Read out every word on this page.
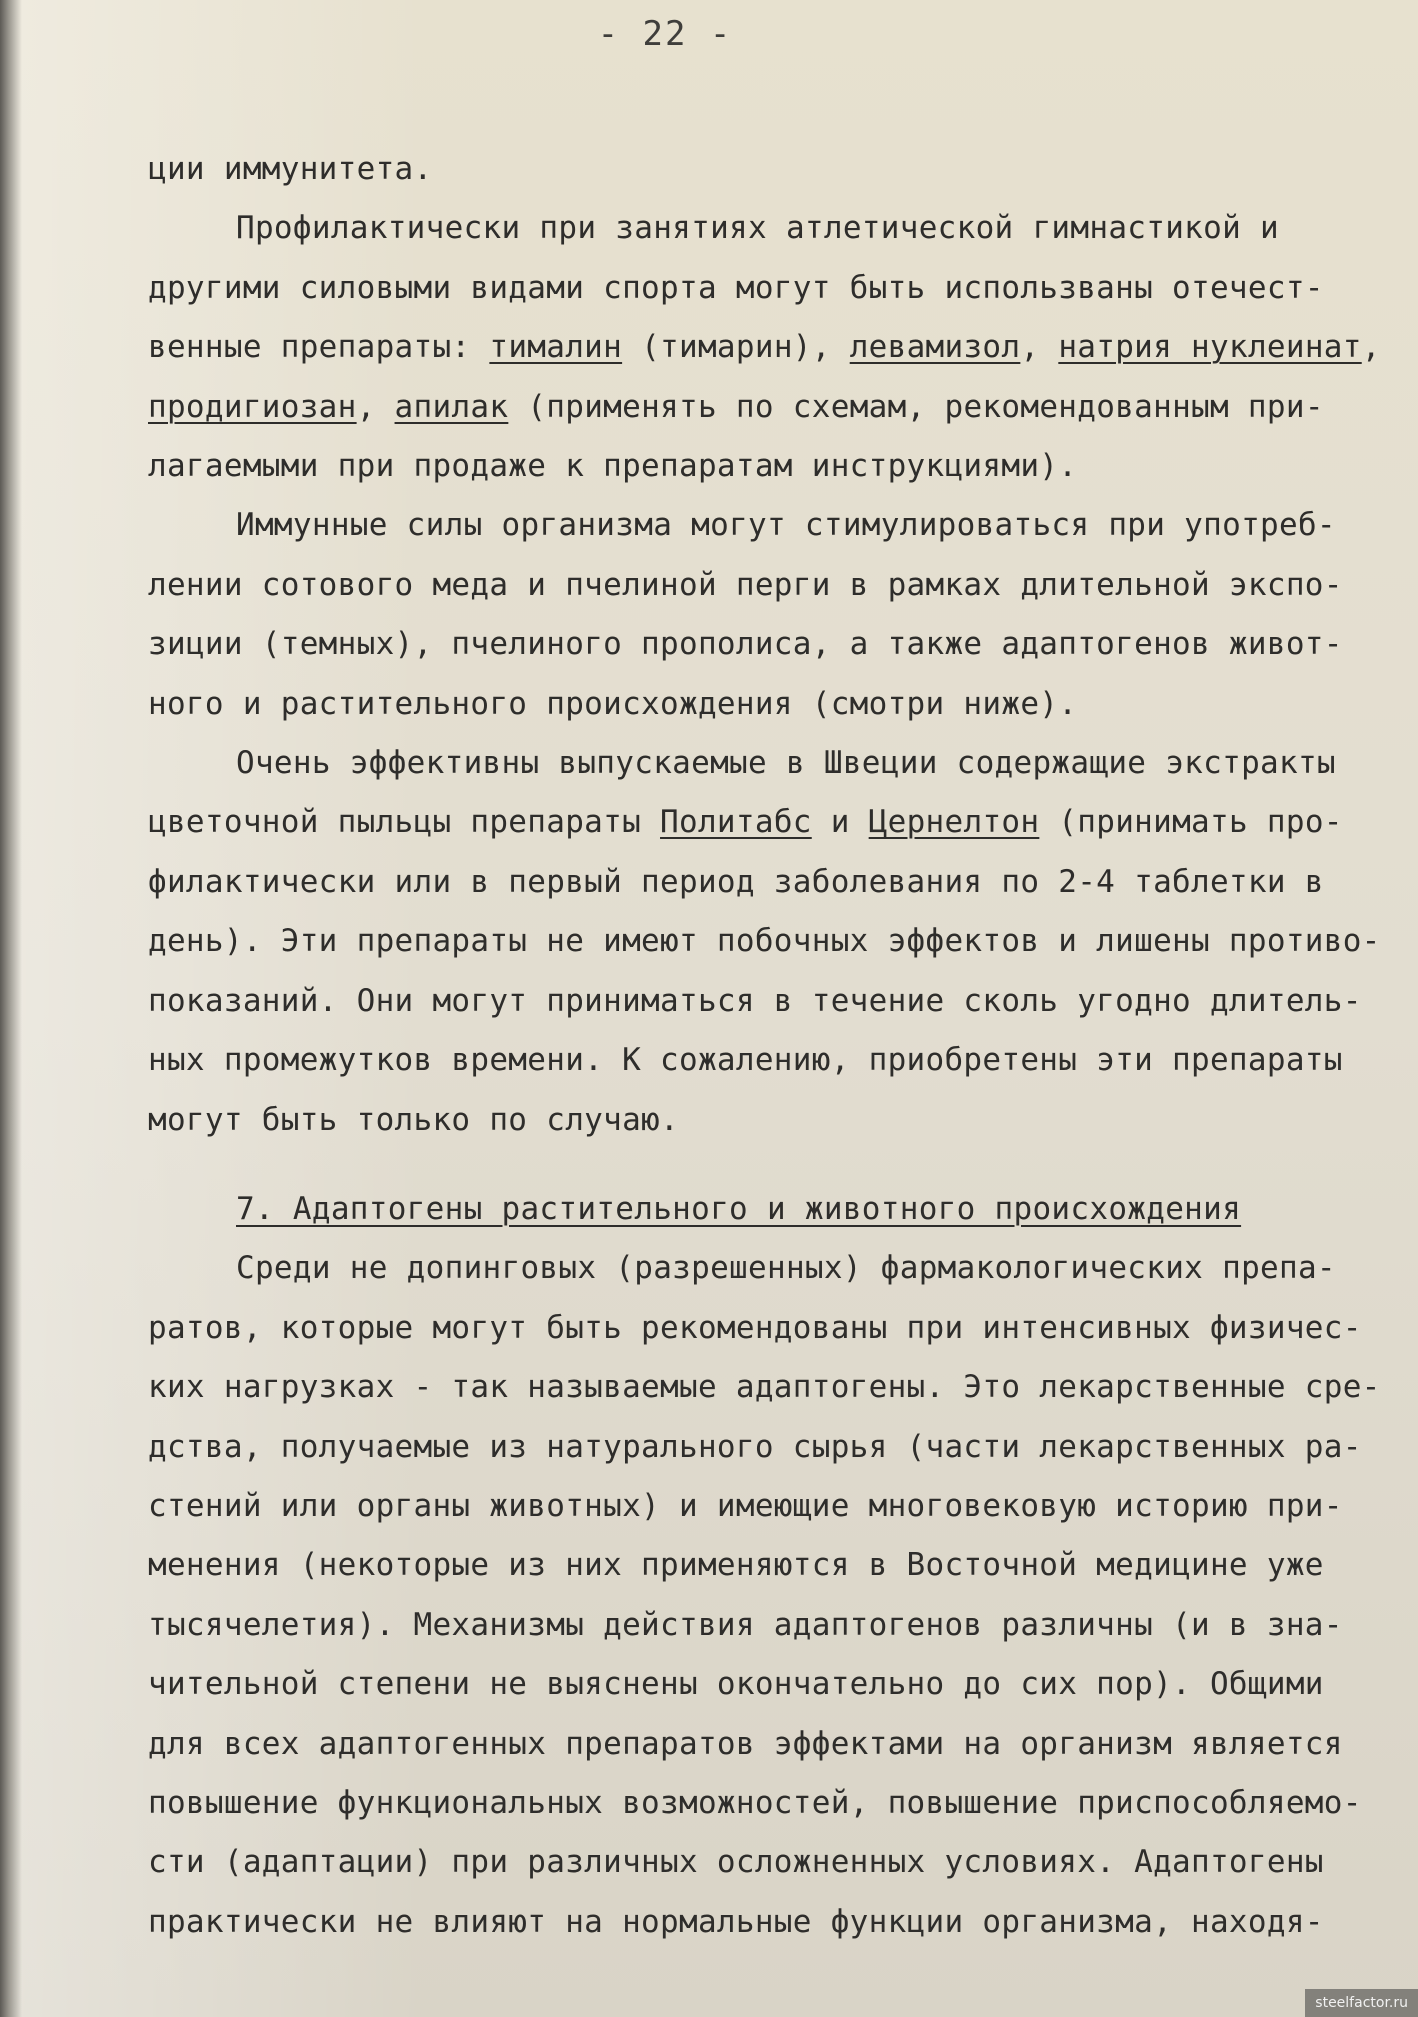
- 22 -

ции иммунитета.

Профилактически при занятиях атлетической гимнастикой и

другими силовыми видами спорта могут быть использваны отечест-

венные препараты: тималин (тимарин), левамизол, натрия нуклеинат,

продигиозан, апилак (применять по схемам, рекомендованным при-

лагаемыми при продаже к препаратам инструкциями).

Иммунные силы организма могут стимулироваться при употреб-

лении сотового меда и пчелиной перги в рамках длительной экспо-

зиции (темных), пчелиного прополиса, а также адаптогенов живот-

ного и растительного происхождения (смотри ниже).

Очень эффективны выпускаемые в Швеции содержащие экстракты

цветочной пыльцы препараты Политабс и Цернелтон (принимать про-

филактически или в первый период заболевания по 2-4 таблетки в

день). Эти препараты не имеют побочных эффектов и лишены противо-

показаний. Они могут приниматься в течение сколь угодно длитель-

ных промежутков времени. К сожалению, приобретены эти препараты

могут быть только по случаю.

7. Адаптогены растительного и животного происхождения

Среди не допинговых (разрешенных) фармакологических препа-

ратов, которые могут быть рекомендованы при интенсивных физичес-

ких нагрузках - так называемые адаптогены. Это лекарственные сре-

дства, получаемые из натурального сырья (части лекарственных ра-

стений или органы животных) и имеющие многовековую историю при-

менения (некоторые из них применяются в Восточной медицине уже

тысячелетия). Механизмы действия адаптогенов различны (и в зна-

чительной степени не выяснены окончательно до сих пор). Общими

для всех адаптогенных препаратов эффектами на организм является

повышение функциональных возможностей, повышение приспособляемо-

сти (адаптации) при различных осложненных условиях. Адаптогены

практически не влияют на нормальные функции организма, находя-

steelfactor.ru
